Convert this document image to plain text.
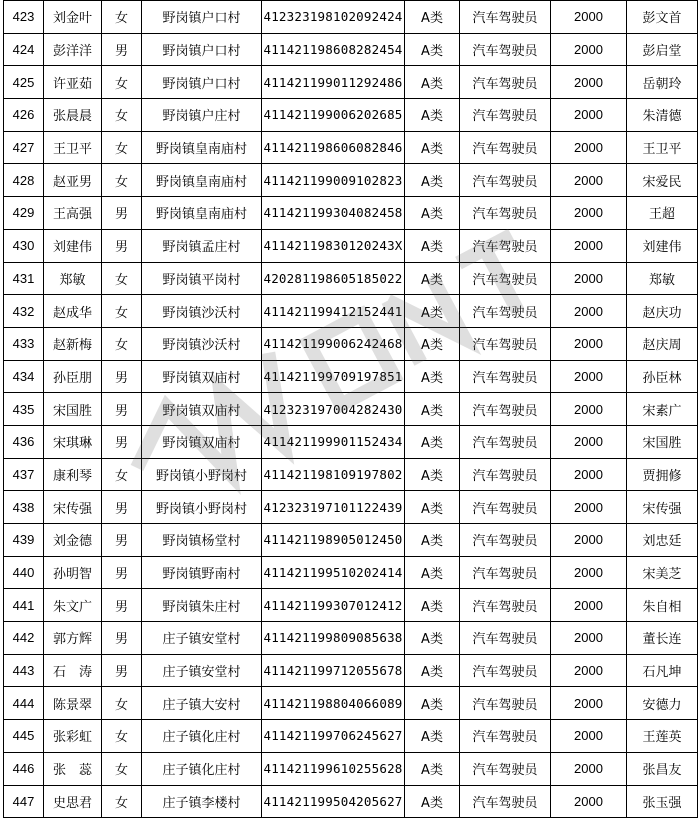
423	刘金叶	女	野岗镇户口村	412323198102092424	A类	汽车驾驶员	2000	彭文首
424	彭洋洋	男	野岗镇户口村	411421198608282454	A类	汽车驾驶员	2000	彭启堂
425	许亚茹	女	野岗镇户口村	411421199011292486	A类	汽车驾驶员	2000	岳朝玲
426	张晨晨	女	野岗镇户庄村	411421199006202685	A类	汽车驾驶员	2000	朱清德
427	王卫平	女	野岗镇皇南庙村	411421198606082846	A类	汽车驾驶员	2000	王卫平
428	赵亚男	女	野岗镇皇南庙村	411421199009102823	A类	汽车驾驶员	2000	宋爱民
429	王高强	男	野岗镇皇南庙村	411421199304082458	A类	汽车驾驶员	2000	王超
430	刘建伟	男	野岗镇孟庄村	41142119830120243X	A类	汽车驾驶员	2000	刘建伟
431	郑敏	女	野岗镇平岗村	420281198605185022	A类	汽车驾驶员	2000	郑敏
432	赵成华	女	野岗镇沙沃村	411421199412152441	A类	汽车驾驶员	2000	赵庆功
433	赵新梅	女	野岗镇沙沃村	411421199006242468	A类	汽车驾驶员	2000	赵庆周
434	孙臣朋	男	野岗镇双庙村	411421199709197851	A类	汽车驾驶员	2000	孙臣林
435	宋国胜	男	野岗镇双庙村	412323197004282430	A类	汽车驾驶员	2000	宋素广
436	宋琪琳	男	野岗镇双庙村	411421199901152434	A类	汽车驾驶员	2000	宋国胜
437	康利琴	女	野岗镇小野岗村	411421198109197802	A类	汽车驾驶员	2000	贾拥修
438	宋传强	男	野岗镇小野岗村	412323197101122439	A类	汽车驾驶员	2000	宋传强
439	刘金德	男	野岗镇杨堂村	411421198905012450	A类	汽车驾驶员	2000	刘忠廷
440	孙明智	男	野岗镇野南村	411421199510202414	A类	汽车驾驶员	2000	宋美芝
441	朱文广	男	野岗镇朱庄村	411421199307012412	A类	汽车驾驶员	2000	朱自相
442	郭方辉	男	庄子镇安堂村	411421199809085638	A类	汽车驾驶员	2000	董长连
443	石　涛	男	庄子镇安堂村	411421199712055678	A类	汽车驾驶员	2000	石凡坤
444	陈景翠	女	庄子镇大安村	411421198804066089	A类	汽车驾驶员	2000	安德力
445	张彩虹	女	庄子镇化庄村	411421199706245627	A类	汽车驾驶员	2000	王莲英
446	张　蕊	女	庄子镇化庄村	411421199610255628	A类	汽车驾驶员	2000	张昌友
447	史思君	女	庄子镇李楼村	411421199504205627	A类	汽车驾驶员	2000	张玉强
